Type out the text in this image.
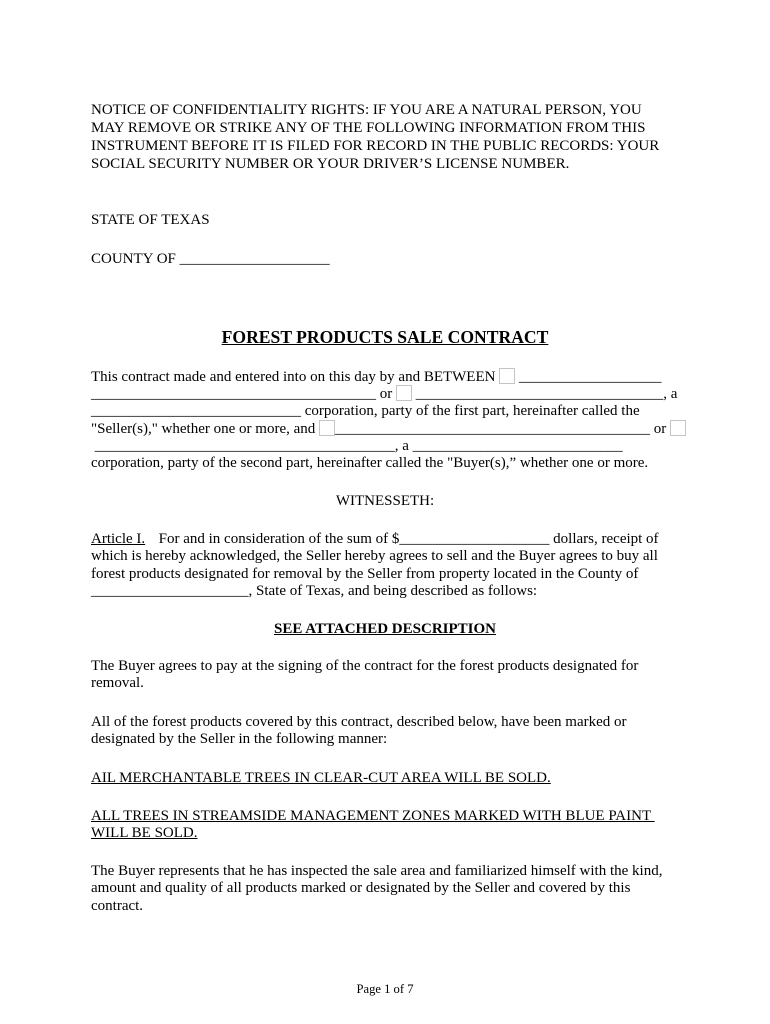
NOTICE OF CONFIDENTIALITY RIGHTS: IF YOU ARE A NATURAL PERSON, YOU
MAY REMOVE OR STRIKE ANY OF THE FOLLOWING INFORMATION FROM THIS
INSTRUMENT BEFORE IT IS FILED FOR RECORD IN THE PUBLIC RECORDS: YOUR
SOCIAL SECURITY NUMBER OR YOUR DRIVER’S LICENSE NUMBER.
STATE OF TEXAS
COUNTY OF ____________________
FOREST PRODUCTS SALE CONTRACT
This contract made and entered into on this day by and BETWEEN  ___________________
______________________________________ or  _________________________________, a
____________________________ corporation, party of the first part, hereinafter called the
"Seller(s)," whether one or more, and __________________________________________ or
________________________________________, a ____________________________
corporation, party of the second part, hereinafter called the "Buyer(s),” whether one or more.
WITNESSETH:
Article I. For and in consideration of the sum of $____________________ dollars, receipt of
which is hereby acknowledged, the Seller hereby agrees to sell and the Buyer agrees to buy all
forest products designated for removal by the Seller from property located in the County of
_____________________, State of Texas, and being described as follows:
SEE ATTACHED DESCRIPTION
The Buyer agrees to pay at the signing of the contract for the forest products designated for
removal.
All of the forest products covered by this contract, described below, have been marked or
designated by the Seller in the following manner:
AIL MERCHANTABLE TREES IN CLEAR-CUT AREA WILL BE SOLD.
ALL TREES IN STREAMSIDE MANAGEMENT ZONES MARKED WITH BLUE PAINT
WILL BE SOLD.
The Buyer represents that he has inspected the sale area and familiarized himself with the kind,
amount and quality of all products marked or designated by the Seller and covered by this
contract.
Page 1 of 7
